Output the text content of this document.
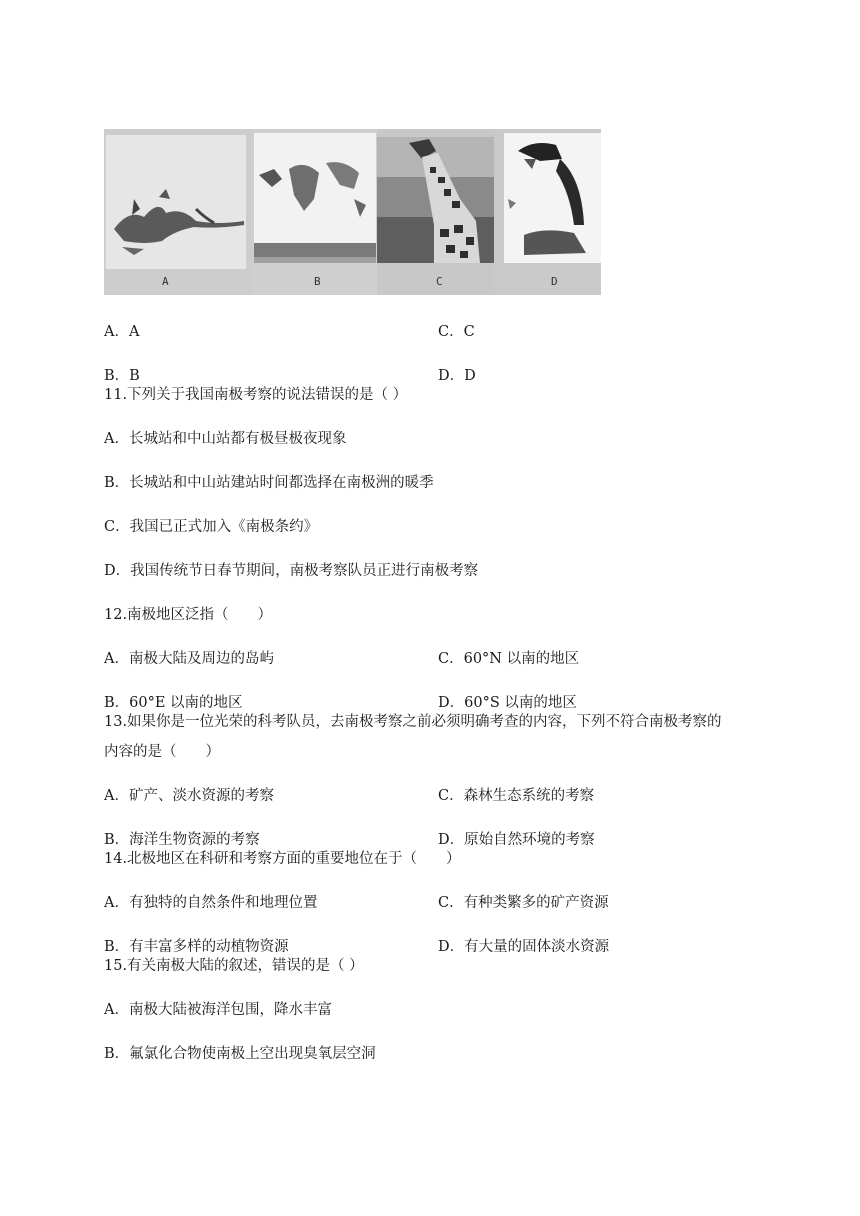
A	B	C	D
A．A	C．C
B．B	D．D
11.下列关于我国南极考察的说法错误的是（ ）
A．长城站和中山站都有极昼极夜现象
B．长城站和中山站建站时间都选择在南极洲的暖季
C．我国已正式加入《南极条约》
D．我国传统节日春节期间，南极考察队员正进行南极考察
12.南极地区泛指（　　）
A．南极大陆及周边的岛屿	C．60°N 以南的地区
B．60°E 以南的地区	D．60°S 以南的地区
13.如果你是一位光荣的科考队员，去南极考察之前必须明确考查的内容，下列不符合南极考察的
内容的是（　　）
A．矿产、淡水资源的考察	C．森林生态系统的考察
B．海洋生物资源的考察	D．原始自然环境的考察
14.北极地区在科研和考察方面的重要地位在于（　　）
A．有独特的自然条件和地理位置	C．有种类繁多的矿产资源
B．有丰富多样的动植物资源	D．有大量的固体淡水资源
15.有关南极大陆的叙述，错误的是（ ）
A．南极大陆被海洋包围，降水丰富
B．氟氯化合物使南极上空出现臭氧层空洞
